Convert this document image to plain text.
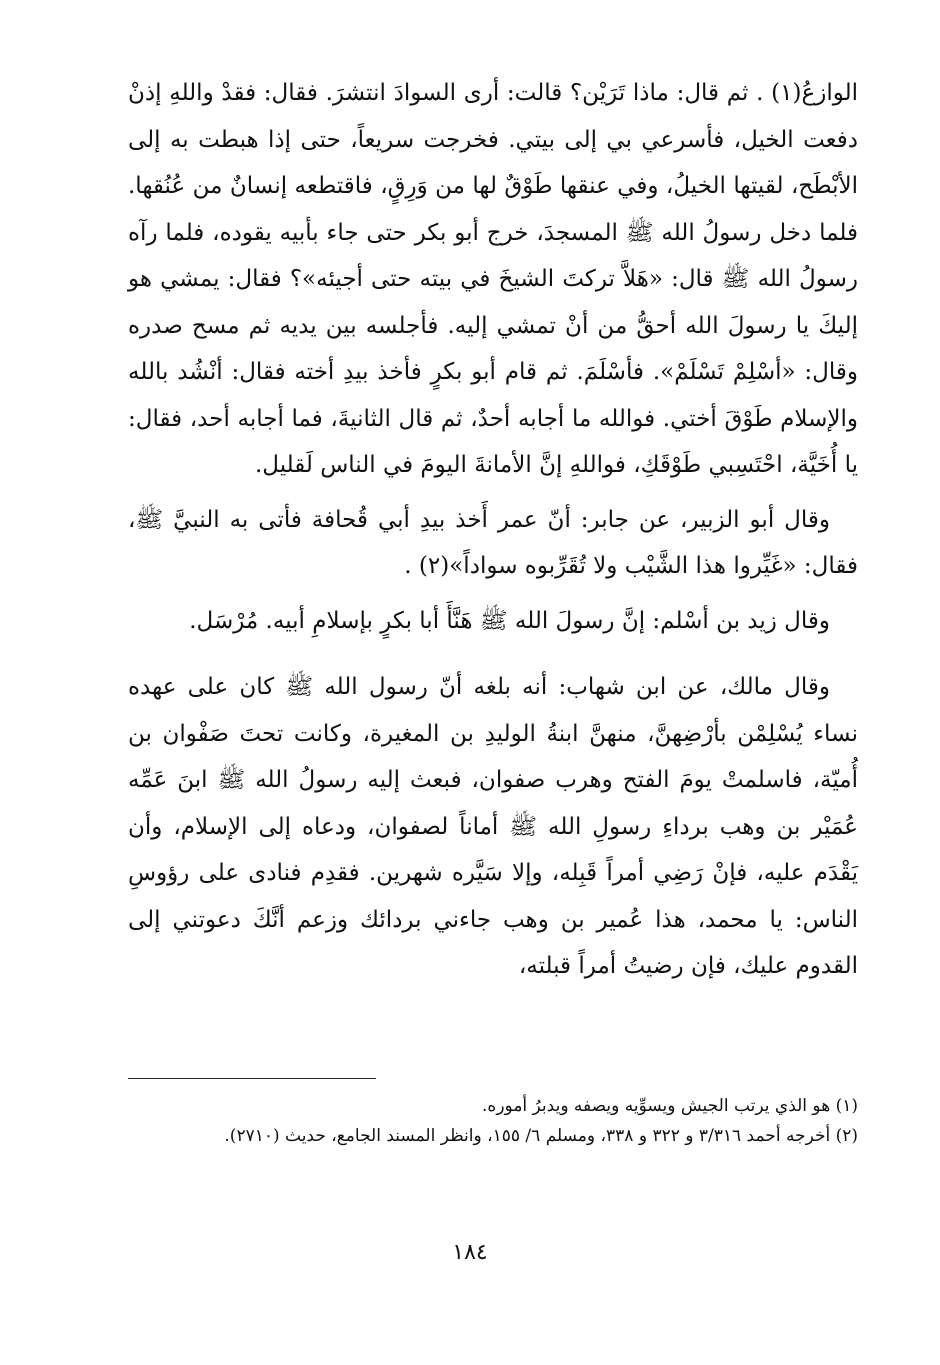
الوازعُ(١) . ثم قال: ماذا تَرَيْن؟ قالت: أرى السوادَ انتشرَ. فقال: فقدْ واللهِ إذنْ دفعت الخيل، فأسرعي بي إلى بيتي. فخرجت سريعاً، حتى إذا هبطت به إلى الأبْطَح، لقيتها الخيلُ، وفي عنقها طَوْقٌ لها من وَرِقٍ، فاقتطعه إنسانٌ من عُنُقها. فلما دخل رسولُ الله ﷺ المسجدَ، خرج أبو بكر حتى جاء بأبيه يقوده، فلما رآه رسولُ الله ﷺ قال: «هَلاَّ تركتَ الشيخَ في بيته حتى أجيئه»؟ فقال: يمشي هو إليكَ يا رسولَ الله أحقُّ من أنْ تمشي إليه. فأجلسه بين يديه ثم مسح صدره وقال: «أسْلِمْ تَسْلَمْ». فأسْلَمَ. ثم قام أبو بكرٍ فأخذ بيدِ أخته فقال: أنْشُد بالله والإسلام طَوْقَ أختي. فوالله ما أجابه أحدٌ، ثم قال الثانيةَ، فما أجابه أحد، فقال: يا أُخَيَّة، احْتَسِبي طَوْقَكِ، فواللهِ إنَّ الأمانةَ اليومَ في الناس لَقليل.

وقال أبو الزبير، عن جابر: أنّ عمر أَخذ بيدِ أبي قُحافة فأتى به النبيَّ ﷺ، فقال: «غَيِّروا هذا الشَّيْب ولا تُقَرِّبوه سواداً»(٢) .

وقال زيد بن أسْلم: إنَّ رسولَ الله ﷺ هَنَّأَ أبا بكرٍ بإسلامِ أبيه. مُرْسَل.

وقال مالك، عن ابن شهاب: أنه بلغه أنّ رسول الله ﷺ كان على عهده نساء يُسْلِمْن بأرْضِهنَّ، منهنَّ ابنةُ الوليدِ بن المغيرة، وكانت تحتَ صَفْوان بن أُميّة، فاسلمتْ يومَ الفتح وهرب صفوان، فبعث إليه رسولُ الله ﷺ ابنَ عَمِّه عُمَيْر بن وهب برداءِ رسولِ الله ﷺ أماناً لصفوان، ودعاه إلى الإسلام، وأن يَقْدَم عليه، فإنْ رَضِي أمراً قَبِله، وإلا سَيَّره شهرين. فقدِم فنادى على رؤوسِ الناس: يا محمد، هذا عُمير بن وهب جاءني بردائك وزعم أنَّكَ دعوتني إلى القدوم عليك، فإن رضيتُ أمراً قبلته،

(١) هو الذي يرتب الجيش ويسوِّيه ويصفه ويدبرُ أموره.

(٢) أخرجه أحمد ٣/٣١٦ و ٣٢٢ و ٣٣٨، ومسلم ٦/ ١٥٥، وانظر المسند الجامع، حديث (٢٧١٠).

١٨٤
